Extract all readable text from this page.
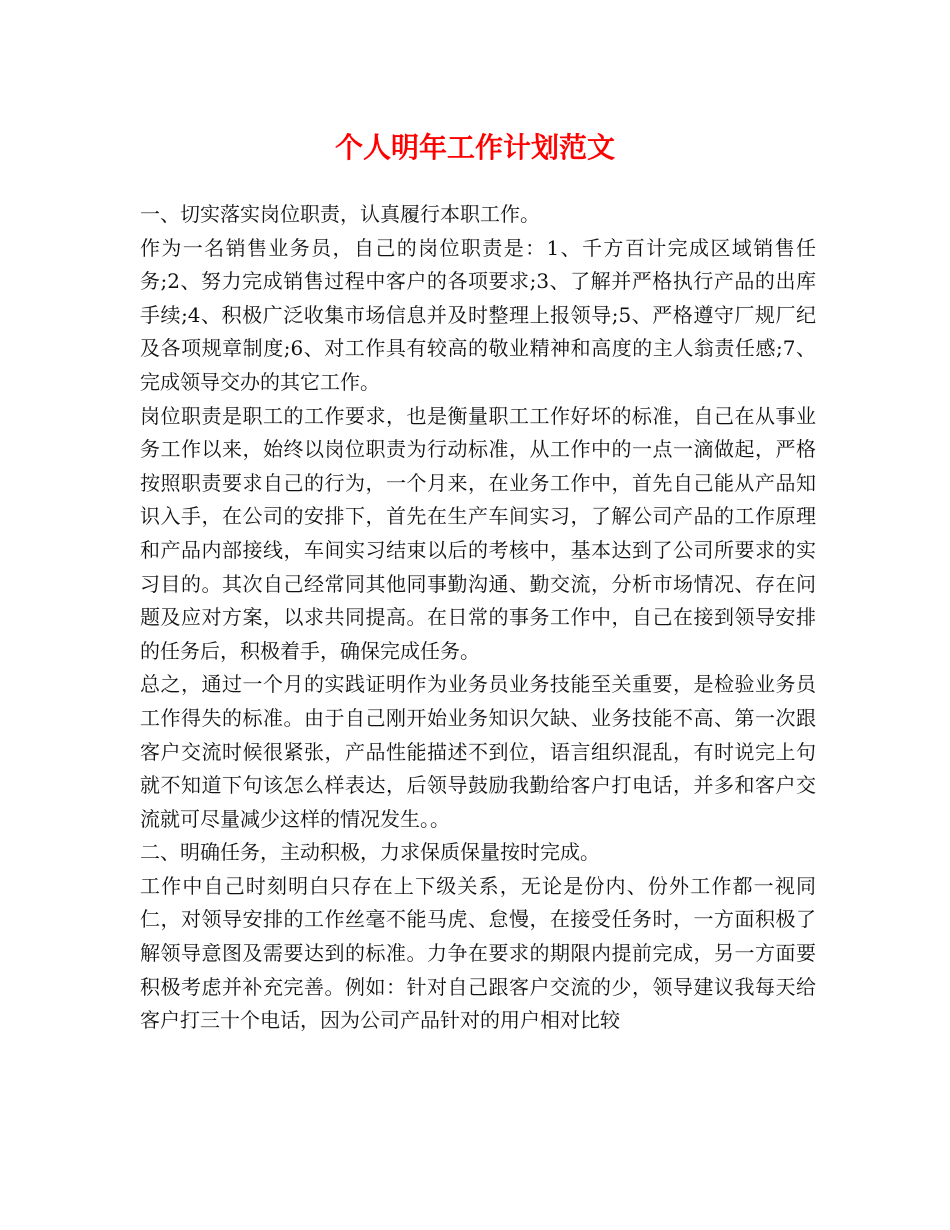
个人明年工作计划范文

一、切实落实岗位职责，认真履行本职工作。

作为一名销售业务员，自己的岗位职责是：1、千方百计完成区域销售任务;2、努力完成销售过程中客户的各项要求;3、了解并严格执行产品的出库手续;4、积极广泛收集市场信息并及时整理上报领导;5、严格遵守厂规厂纪及各项规章制度;6、对工作具有较高的敬业精神和高度的主人翁责任感;7、完成领导交办的其它工作。

岗位职责是职工的工作要求，也是衡量职工工作好坏的标准，自己在从事业务工作以来，始终以岗位职责为行动标准，从工作中的一点一滴做起，严格按照职责要求自己的行为，一个月来，在业务工作中，首先自己能从产品知识入手，在公司的安排下，首先在生产车间实习，了解公司产品的工作原理和产品内部接线，车间实习结束以后的考核中，基本达到了公司所要求的实习目的。其次自己经常同其他同事勤沟通、勤交流，分析市场情况、存在问题及应对方案，以求共同提高。在日常的事务工作中，自己在接到领导安排的任务后，积极着手，确保完成任务。

总之，通过一个月的实践证明作为业务员业务技能至关重要，是检验业务员工作得失的标准。由于自己刚开始业务知识欠缺、业务技能不高、第一次跟客户交流时候很紧张，产品性能描述不到位，语言组织混乱，有时说完上句就不知道下句该怎么样表达，后领导鼓励我勤给客户打电话，并多和客户交流就可尽量减少这样的情况发生。。

二、明确任务，主动积极，力求保质保量按时完成。

工作中自己时刻明白只存在上下级关系，无论是份内、份外工作都一视同仁，对领导安排的工作丝毫不能马虎、怠慢，在接受任务时，一方面积极了解领导意图及需要达到的标准。力争在要求的期限内提前完成，另一方面要积极考虑并补充完善。例如：针对自己跟客户交流的少，领导建议我每天给客户打三十个电话，因为公司产品针对的用户相对比较
